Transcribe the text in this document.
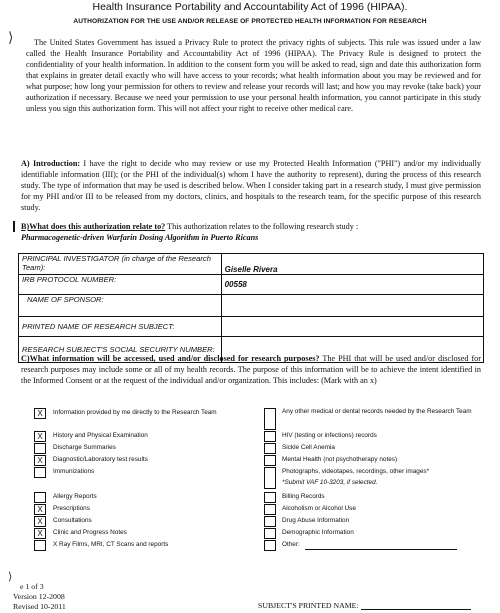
Health Insurance Portability and Accountability Act of 1996 (HIPAA).
AUTHORIZATION FOR THE USE AND/OR RELEASE OF PROTECTED HEALTH INFORMATION FOR RESEARCH
⟩	The United States Government has issued a Privacy Rule to protect the privacy rights of subjects. This rule was issued under a law called the Health Insurance Portability and Accountability Act of 1996 (HIPAA). The Privacy Rule is designed to protect the confidentiality of your health information. In addition to the consent form you will be asked to read, sign and date this authorization form that explains in greater detail exactly who will have access to your records; what health information about you may be reviewed and for what purpose; how long your permission for others to review and release your records will last; and how you may revoke (take back) your authorization if necessary. Because we need your permission to use your personal health information, you cannot participate in this study unless you sign this authorization form. This will not affect your right to receive other medical care.
A) Introduction: I have the right to decide who may review or use my Protected Health Information ("PHI") and/or my individually identifiable information (III); (or the PHI of the individual(s) whom I have the authority to represent), during the process of this research study. The type of information that may be used is described below. When I consider taking part in a research study, I must give permission for my PHI and/or III to be released from my doctors, clinics, and hospitals to the research team, for the specific purpose of this research study.
B)What does this authorization relate to? This authorization relates to the following research study :
Pharmacogenetic-driven Warfarin Dosing Algorithm in Puerto Ricans
PRINCIPAL INVESTIGATOR (in charge of the Research Team):	Giselle Rivera
IRB PROTOCOL NUMBER:	00558
NAME OF SPONSOR:	
PRINTED NAME OF RESEARCH SUBJECT:	
RESEARCH SUBJECT'S SOCIAL SECURITY NUMBER:	
C)What information will be accessed, used and/or disclosed for research purposes? The PHI that will be used and/or disclosed for research purposes may include some or all of my health records. The purpose of this information will be to achieve the intent identified in the Informed Consent or at the request of the individual and/or organization. This includes: (Mark with an x)
X	Information provided by me directly to the Research Team
X	History and Physical Examination
Discharge Summaries
X	Diagnostic/Laboratory test results
Immunizations
Allergy Reports
X	Prescriptions
X	Consultations
X	Clinic and Progress Notes
X Ray Films, MRI, CT Scans and reports
Any other medical or dental records needed by the Research Team
HIV (testing or infections) records
Sickle Cell Anemia
Mental Health (not psychotherapy notes)
Photographs, videotapes, recordings, other images*
*Submit VAF 10-3203, if selected.
Billing Records
Alcoholism or Alcohol Use
Drug Abuse Information
Demographic Information
Other:
⟩
e 1 of 3
Version 12-2008
Revised 10-2011	SUBJECT'S PRINTED NAME:
